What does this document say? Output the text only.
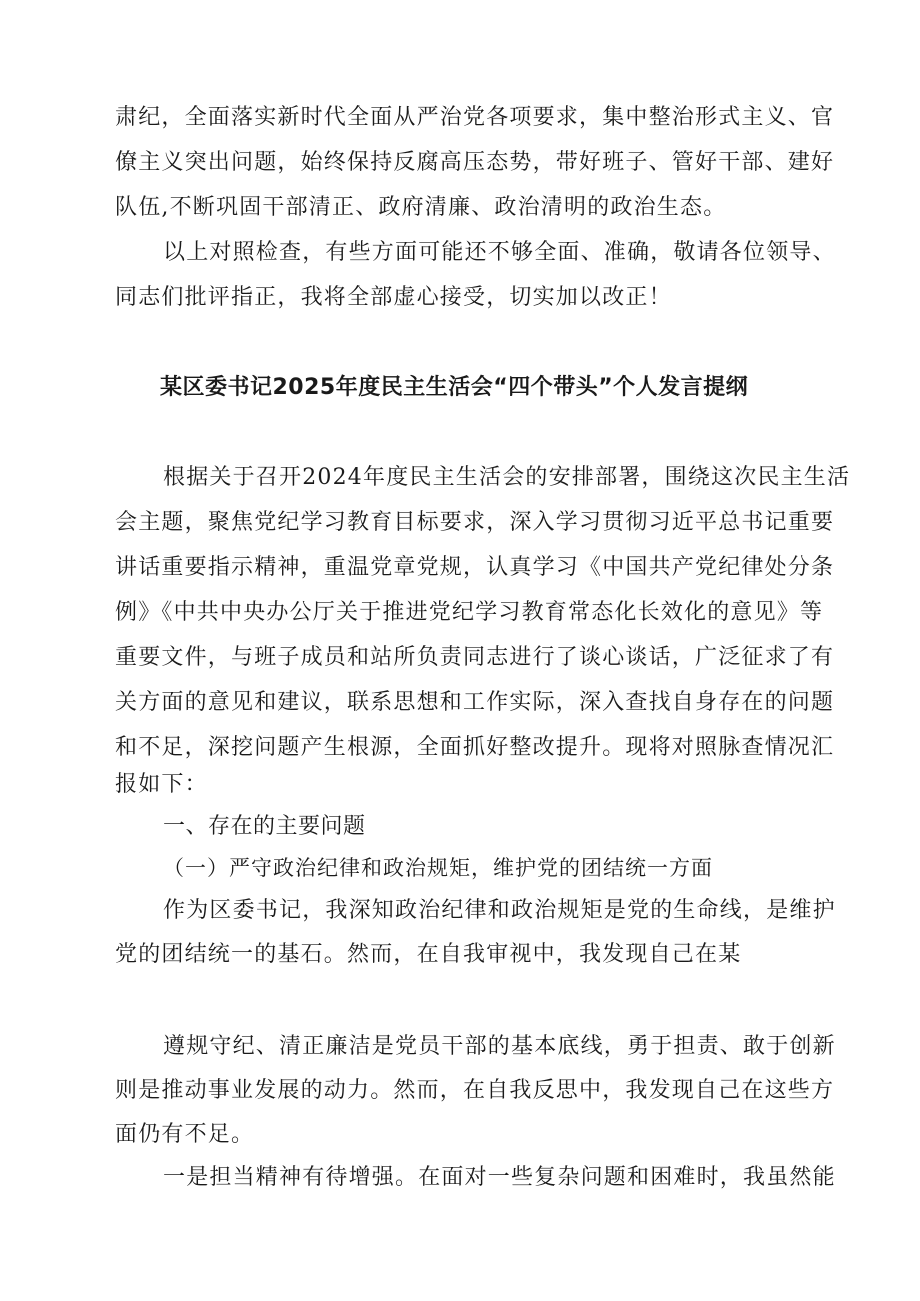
肃纪，全面落实新时代全面从严治党各项要求，集中整治形式主义、官
僚主义突出问题，始终保持反腐高压态势，带好班子、管好干部、建好
队伍,不断巩固干部清正、政府清廉、政治清明的政治生态。
以上对照检查，有些方面可能还不够全面、准确，敬请各位领导、
同志们批评指正，我将全部虚心接受，切实加以改正！
某区委书记2025年度民主生活会“四个带头”个人发言提纲
根据关于召开2024年度民主生活会的安排部署，围绕这次民主生活
会主题，聚焦党纪学习教育目标要求，深入学习贯彻习近平总书记重要
讲话重要指示精神，重温党章党规，认真学习《中国共产党纪律处分条
例》《中共中央办公厅关于推进党纪学习教育常态化长效化的意见》等
重要文件，与班子成员和站所负责同志进行了谈心谈话，广泛征求了有
关方面的意见和建议，联系思想和工作实际，深入查找自身存在的问题
和不足，深挖问题产生根源，全面抓好整改提升。现将对照脉查情况汇
报如下：
一、存在的主要问题
（一）严守政治纪律和政治规矩，维护党的团结统一方面
作为区委书记，我深知政治纪律和政治规矩是党的生命线，是维护
党的团结统一的基石。然而，在自我审视中，我发现自己在某
遵规守纪、清正廉洁是党员干部的基本底线，勇于担责、敢于创新
则是推动事业发展的动力。然而，在自我反思中，我发现自己在这些方
面仍有不足。
一是担当精神有待增强。在面对一些复杂问题和困难时，我虽然能
